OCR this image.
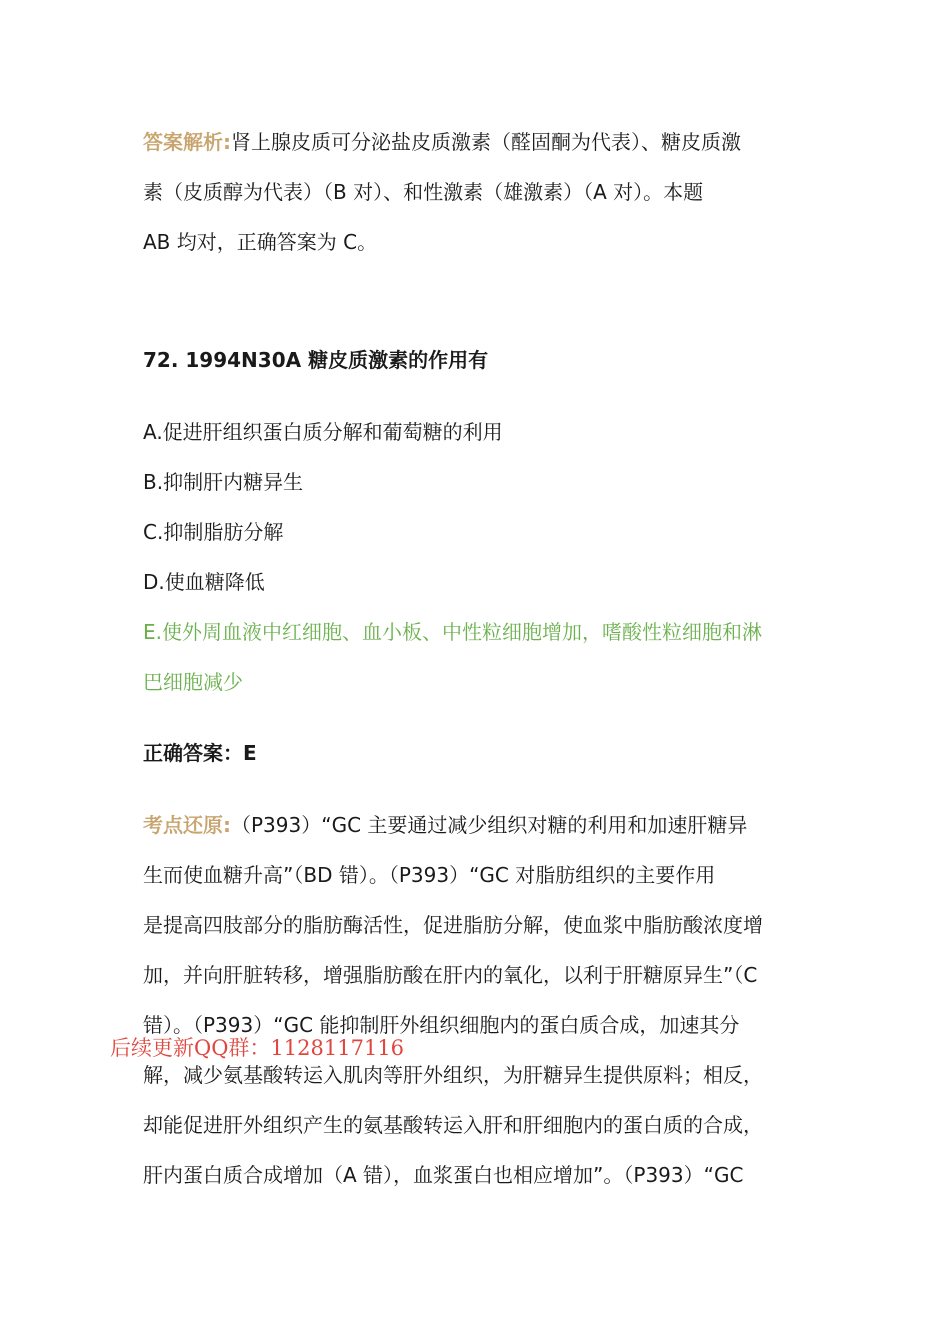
答案解析:肾上腺皮质可分泌盐皮质激素（醛固酮为代表）、糖皮质激
素（皮质醇为代表）（B 对）、和性激素（雄激素）（A 对）。本题
AB 均对，正确答案为 C。
72. 1994N30A 糖皮质激素的作用有
A.促进肝组织蛋白质分解和葡萄糖的利用
B.抑制肝内糖异生
C.抑制脂肪分解
D.使血糖降低
E.使外周血液中红细胞、血小板、中性粒细胞增加，嗜酸性粒细胞和淋
巴细胞减少
正确答案：E
考点还原:（P393）“GC 主要通过减少组织对糖的利用和加速肝糖异
生而使血糖升高”（BD 错）。（P393）“GC 对脂肪组织的主要作用
是提高四肢部分的脂肪酶活性，促进脂肪分解，使血浆中脂肪酸浓度增
加，并向肝脏转移，增强脂肪酸在肝内的氧化，以利于肝糖原异生”（C
错）。（P393）“GC 能抑制肝外组织细胞内的蛋白质合成，加速其分
解，减少氨基酸转运入肌肉等肝外组织，为肝糖异生提供原料；相反，
却能促进肝外组织产生的氨基酸转运入肝和肝细胞内的蛋白质的合成，
肝内蛋白质合成增加（A 错），血浆蛋白也相应增加”。（P393）“GC
后续更新QQ群：1128117116
